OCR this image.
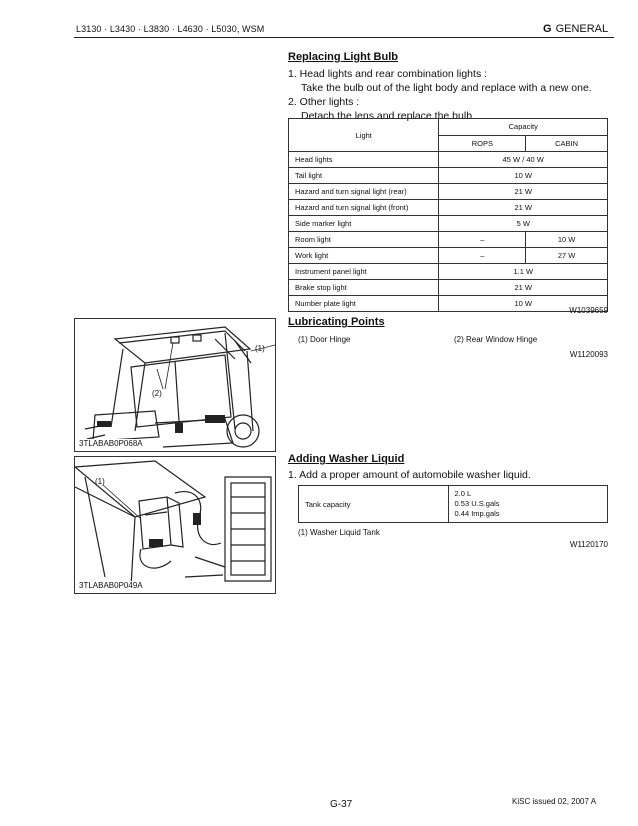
L3130 · L3430 · L3830 · L4630 · L5030, WSM	G GENERAL
Replacing Light Bulb
1. Head lights and rear combination lights :
Take the bulb out of the light body and replace with a new one.
2. Other lights :
Detach the lens and replace the bulb.
Light	Capacity	
	ROPS	CABIN
Head lights	45 W / 40 W	
Tail light	10 W	
Hazard and turn signal light (rear)	21 W	
Hazard and turn signal light (front)	21 W	
Side marker light	5 W	
Room light	–	10 W
Work light	–	27 W
Instrument panel light	1.1 W	
Brake stop light	21 W	
Number plate light	10 W	
W1039659
(1)
(2)
3TLABAB0P068A
Lubricating Points
(1) Door Hinge	(2) Rear Window Hinge
W1120093
(1)
3TLABAB0P049A
Adding Washer Liquid
1. Add a proper amount of automobile washer liquid.
Tank capacity	
2.0 L
0.53 U.S.gals
0.44 Imp.gals
(1) Washer Liquid Tank
W1120170
G-37	KiSC issued 02, 2007 A
